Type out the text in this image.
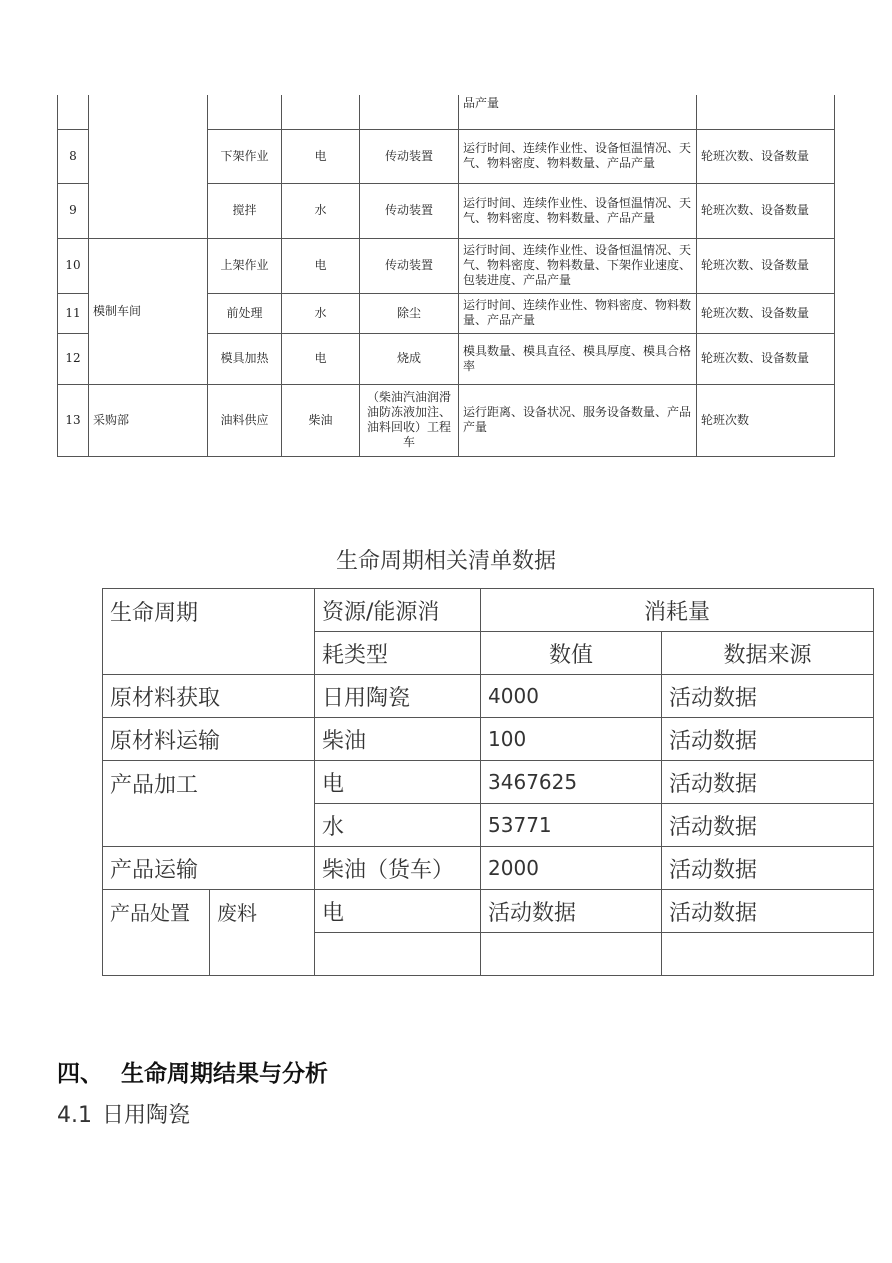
					品产量	
8		下架作业	电	传动装置	运行时间、连续作业性、设备恒温情况、天气、物料密度、物料数量、产品产量	轮班次数、设备数量
9		搅拌	水	传动装置	运行时间、连续作业性、设备恒温情况、天气、物料密度、物料数量、产品产量	轮班次数、设备数量
10	模制车间	上架作业	电	传动装置	运行时间、连续作业性、设备恒温情况、天气、物料密度、物料数量、下架作业速度、包装进度、产品产量	轮班次数、设备数量
11		前处理	水	除尘	运行时间、连续作业性、物料密度、物料数量、产品产量	轮班次数、设备数量
12		模具加热	电	烧成	模具数量、模具直径、模具厚度、模具合格率	轮班次数、设备数量
13	采购部	油料供应	柴油	（柴油汽油润滑油防冻液加注、油料回收）工程车	运行距离、设备状况、服务设备数量、产品产量	轮班次数
生命周期相关清单数据
生命周期		资源/能源消	消耗量	
		耗类型	数值	数据来源
原材料获取		日用陶瓷	4000	活动数据
原材料运输		柴油	100	活动数据
产品加工		电	3467625	活动数据
		水	53771	活动数据
产品运输		柴油（货车）	2000	活动数据
产品处置	废料	电	活动数据	活动数据

四、 生命周期结果与分析
4.1 日用陶瓷
